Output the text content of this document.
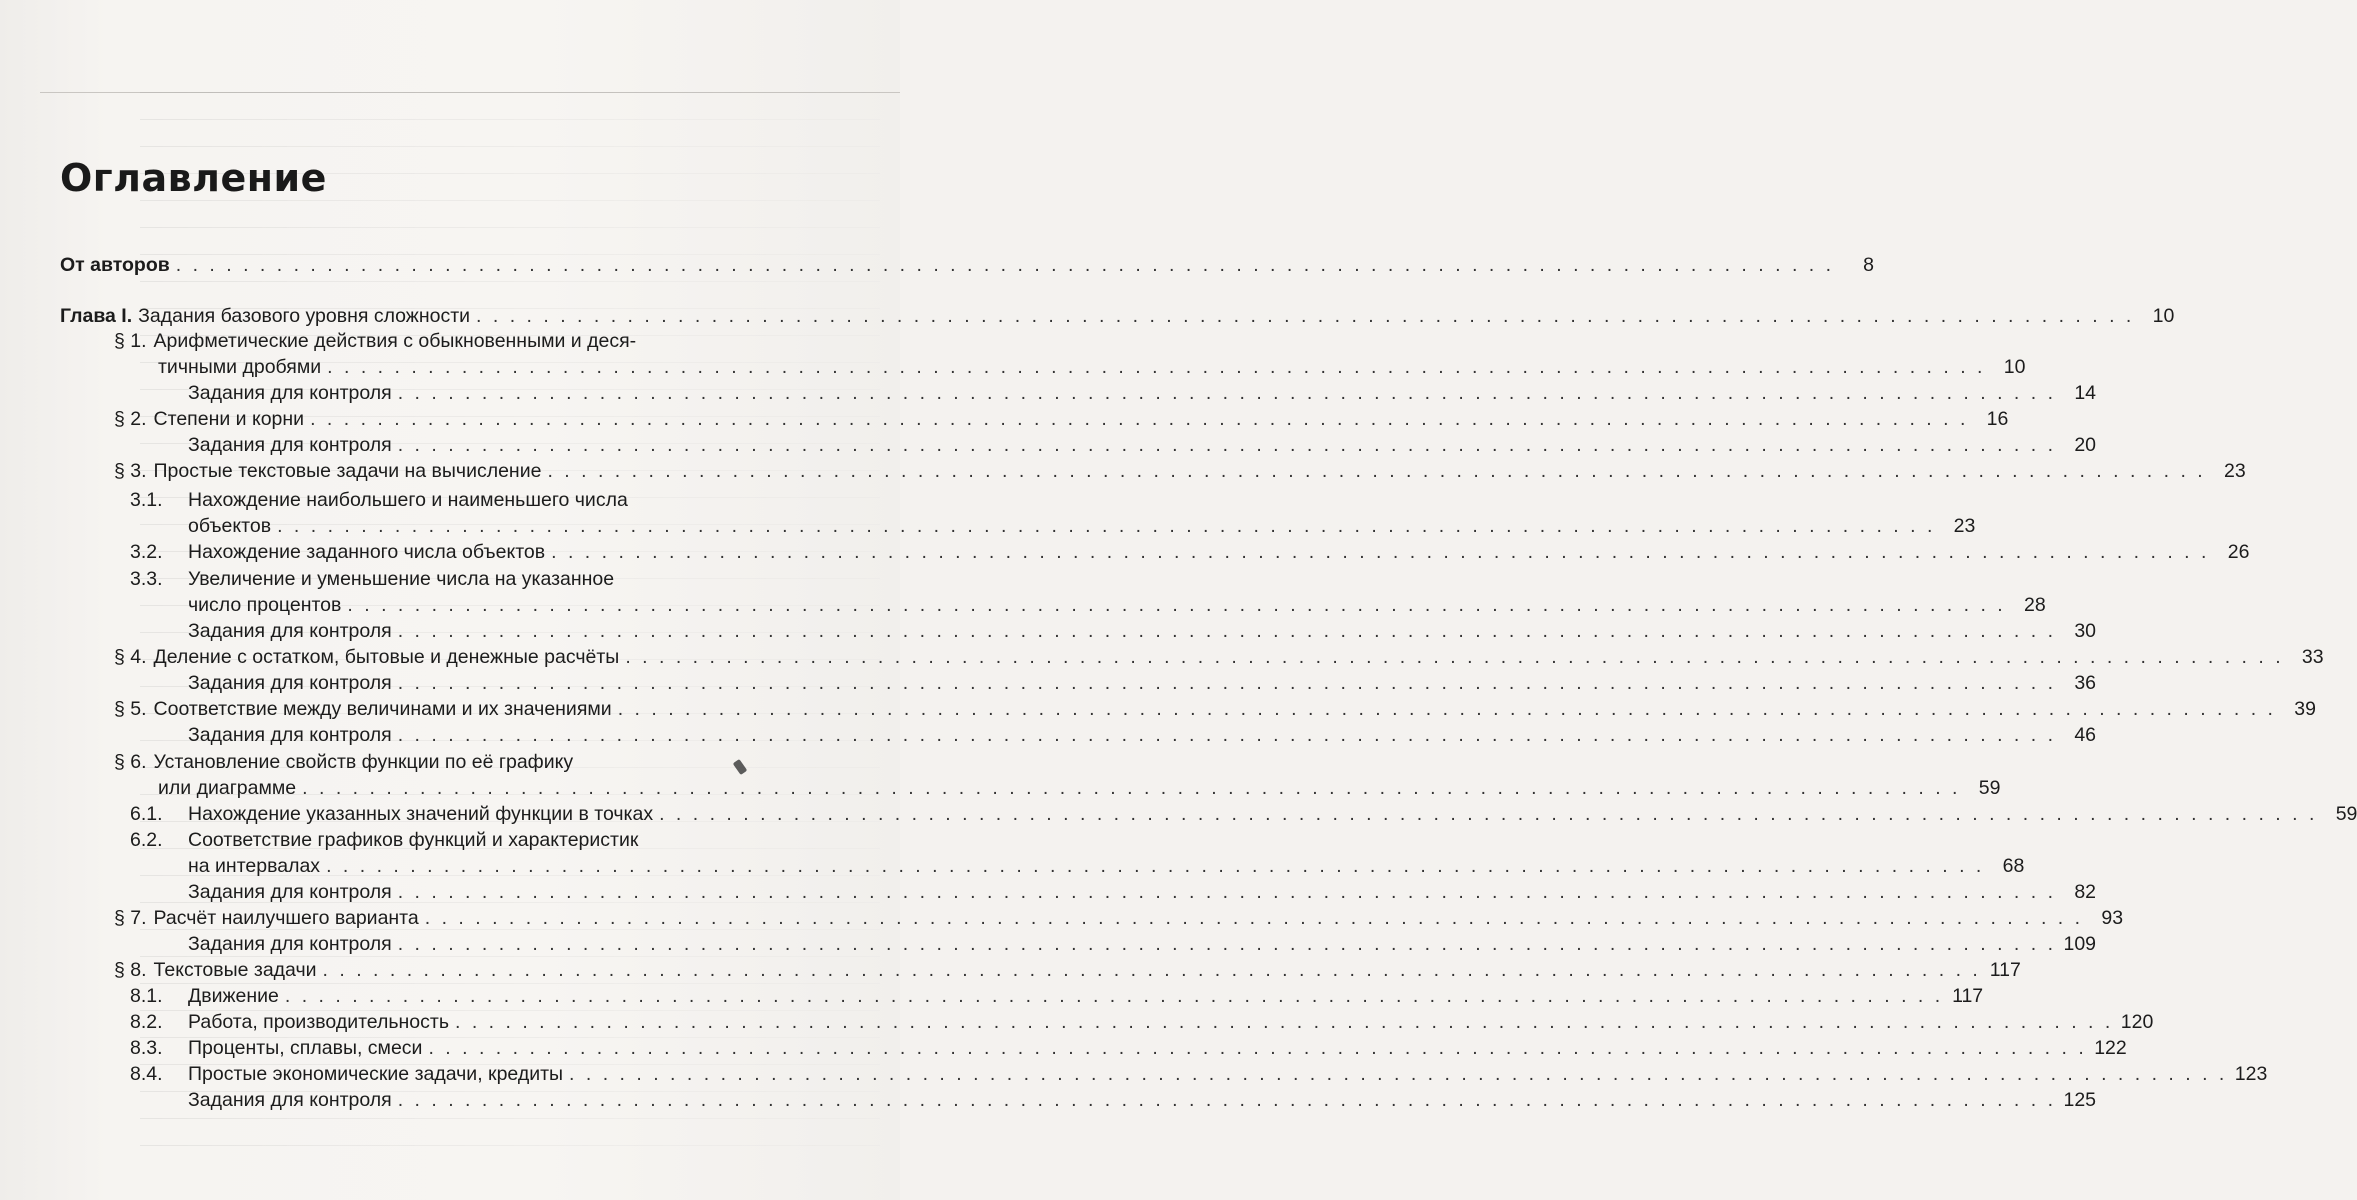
Оглавление
От авторов . . .	8
Глава I. Задания базового уровня сложности . . .	10
§ 1. Арифметические действия с обыкновенными и деся-
тичными дробями . . .	10
Задания для контроля . . .	14
§ 2. Степени и корни . . .	16
Задания для контроля . . .	20
§ 3. Простые текстовые задачи на вычисление . . .	23
3.1.	Нахождение наибольшего и наименьшего числа
объектов . . .	23
3.2.	Нахождение заданного числа объектов . . .	26
3.3.	Увеличение и уменьшение числа на указанное
число процентов . . .	28
Задания для контроля . . .	30
§ 4. Деление с остатком, бытовые и денежные расчёты . . .	33
Задания для контроля . . .	36
§ 5. Соответствие между величинами и их значениями . . .	39
Задания для контроля . . .	46
§ 6. Установление свойств функции по её графику
или диаграмме . . .	59
6.1.	Нахождение указанных значений функции в точках . . .	59
6.2.	Соответствие графиков функций и характеристик
на интервалах . . .	68
Задания для контроля . . .	82
§ 7. Расчёт наилучшего варианта . . .	93
Задания для контроля . . .	109
§ 8. Текстовые задачи . . .	117
8.1.	Движение . . .	117
8.2.	Работа, производительность . . .	120
8.3.	Проценты, сплавы, смеси . . .	122
8.4.	Простые экономические задачи, кредиты . . .	123
Задания для контроля . . .	125
